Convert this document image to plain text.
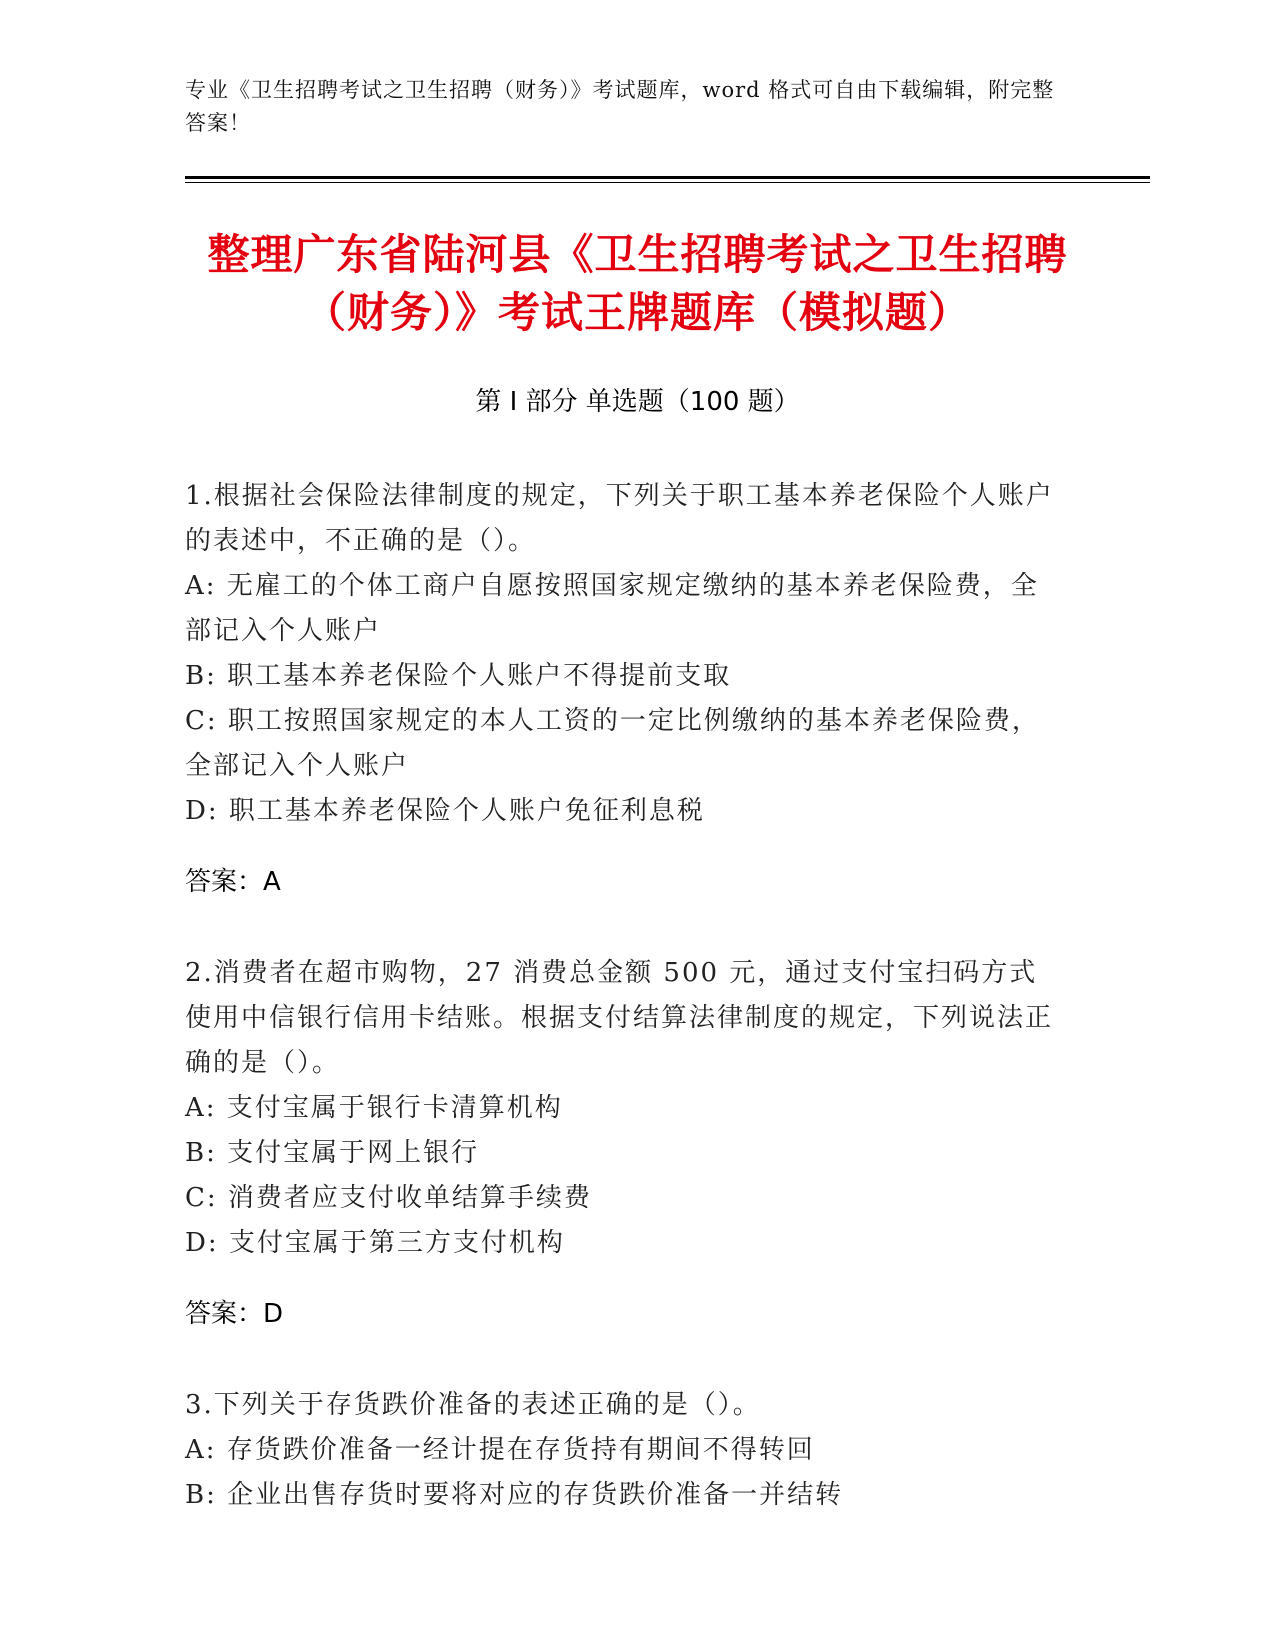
专业《卫生招聘考试之卫生招聘（财务）》考试题库，word 格式可自由下载编辑，附完整答案！
整理广东省陆河县《卫生招聘考试之卫生招聘（财务）》考试王牌题库（模拟题）
第 I 部分 单选题（100 题）

1.根据社会保险法律制度的规定，下列关于职工基本养老保险个人账户的表述中，不正确的是（）。

A: 无雇工的个体工商户自愿按照国家规定缴纳的基本养老保险费，全部记入个人账户

B: 职工基本养老保险个人账户不得提前支取

C: 职工按照国家规定的本人工资的一定比例缴纳的基本养老保险费，全部记入个人账户

D: 职工基本养老保险个人账户免征利息税

答案：A

2.消费者在超市购物，27 消费总金额 500 元，通过支付宝扫码方式使用中信银行信用卡结账。根据支付结算法律制度的规定，下列说法正确的是（）。

A: 支付宝属于银行卡清算机构

B: 支付宝属于网上银行

C: 消费者应支付收单结算手续费

D: 支付宝属于第三方支付机构

答案：D

3.下列关于存货跌价准备的表述正确的是（）。

A: 存货跌价准备一经计提在存货持有期间不得转回

B: 企业出售存货时要将对应的存货跌价准备一并结转
